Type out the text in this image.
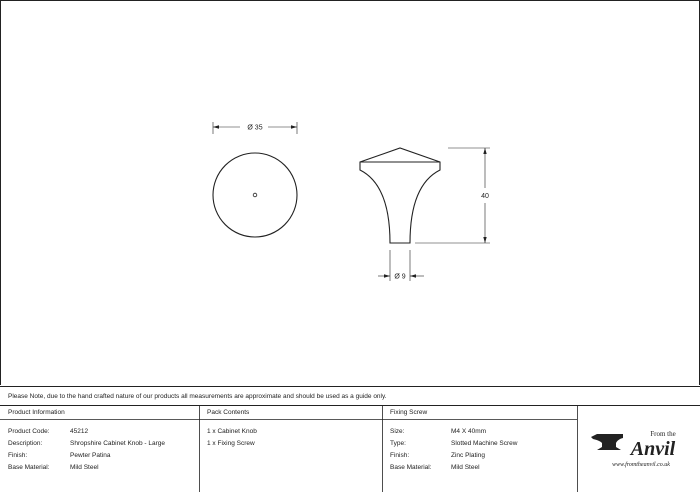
Ø 35
40
Ø 9
Please Note, due to the hand crafted nature of our products all measurements are approximate and should be used as a guide only.
Product Information	Pack Contents	Fixing Screw
Product Code:	45212
Description:	Shropshire Cabinet Knob - Large
Finish:	Pewter Patina
Base Material:	Mild Steel
1 x Cabinet Knob
1 x Fixing Screw
Size:	M4 X 40mm
Type:	Slotted Machine Screw
Finish:	Zinc Plating
Base Material:	Mild Steel
From the
Anvil
www.fromtheanvil.co.uk
